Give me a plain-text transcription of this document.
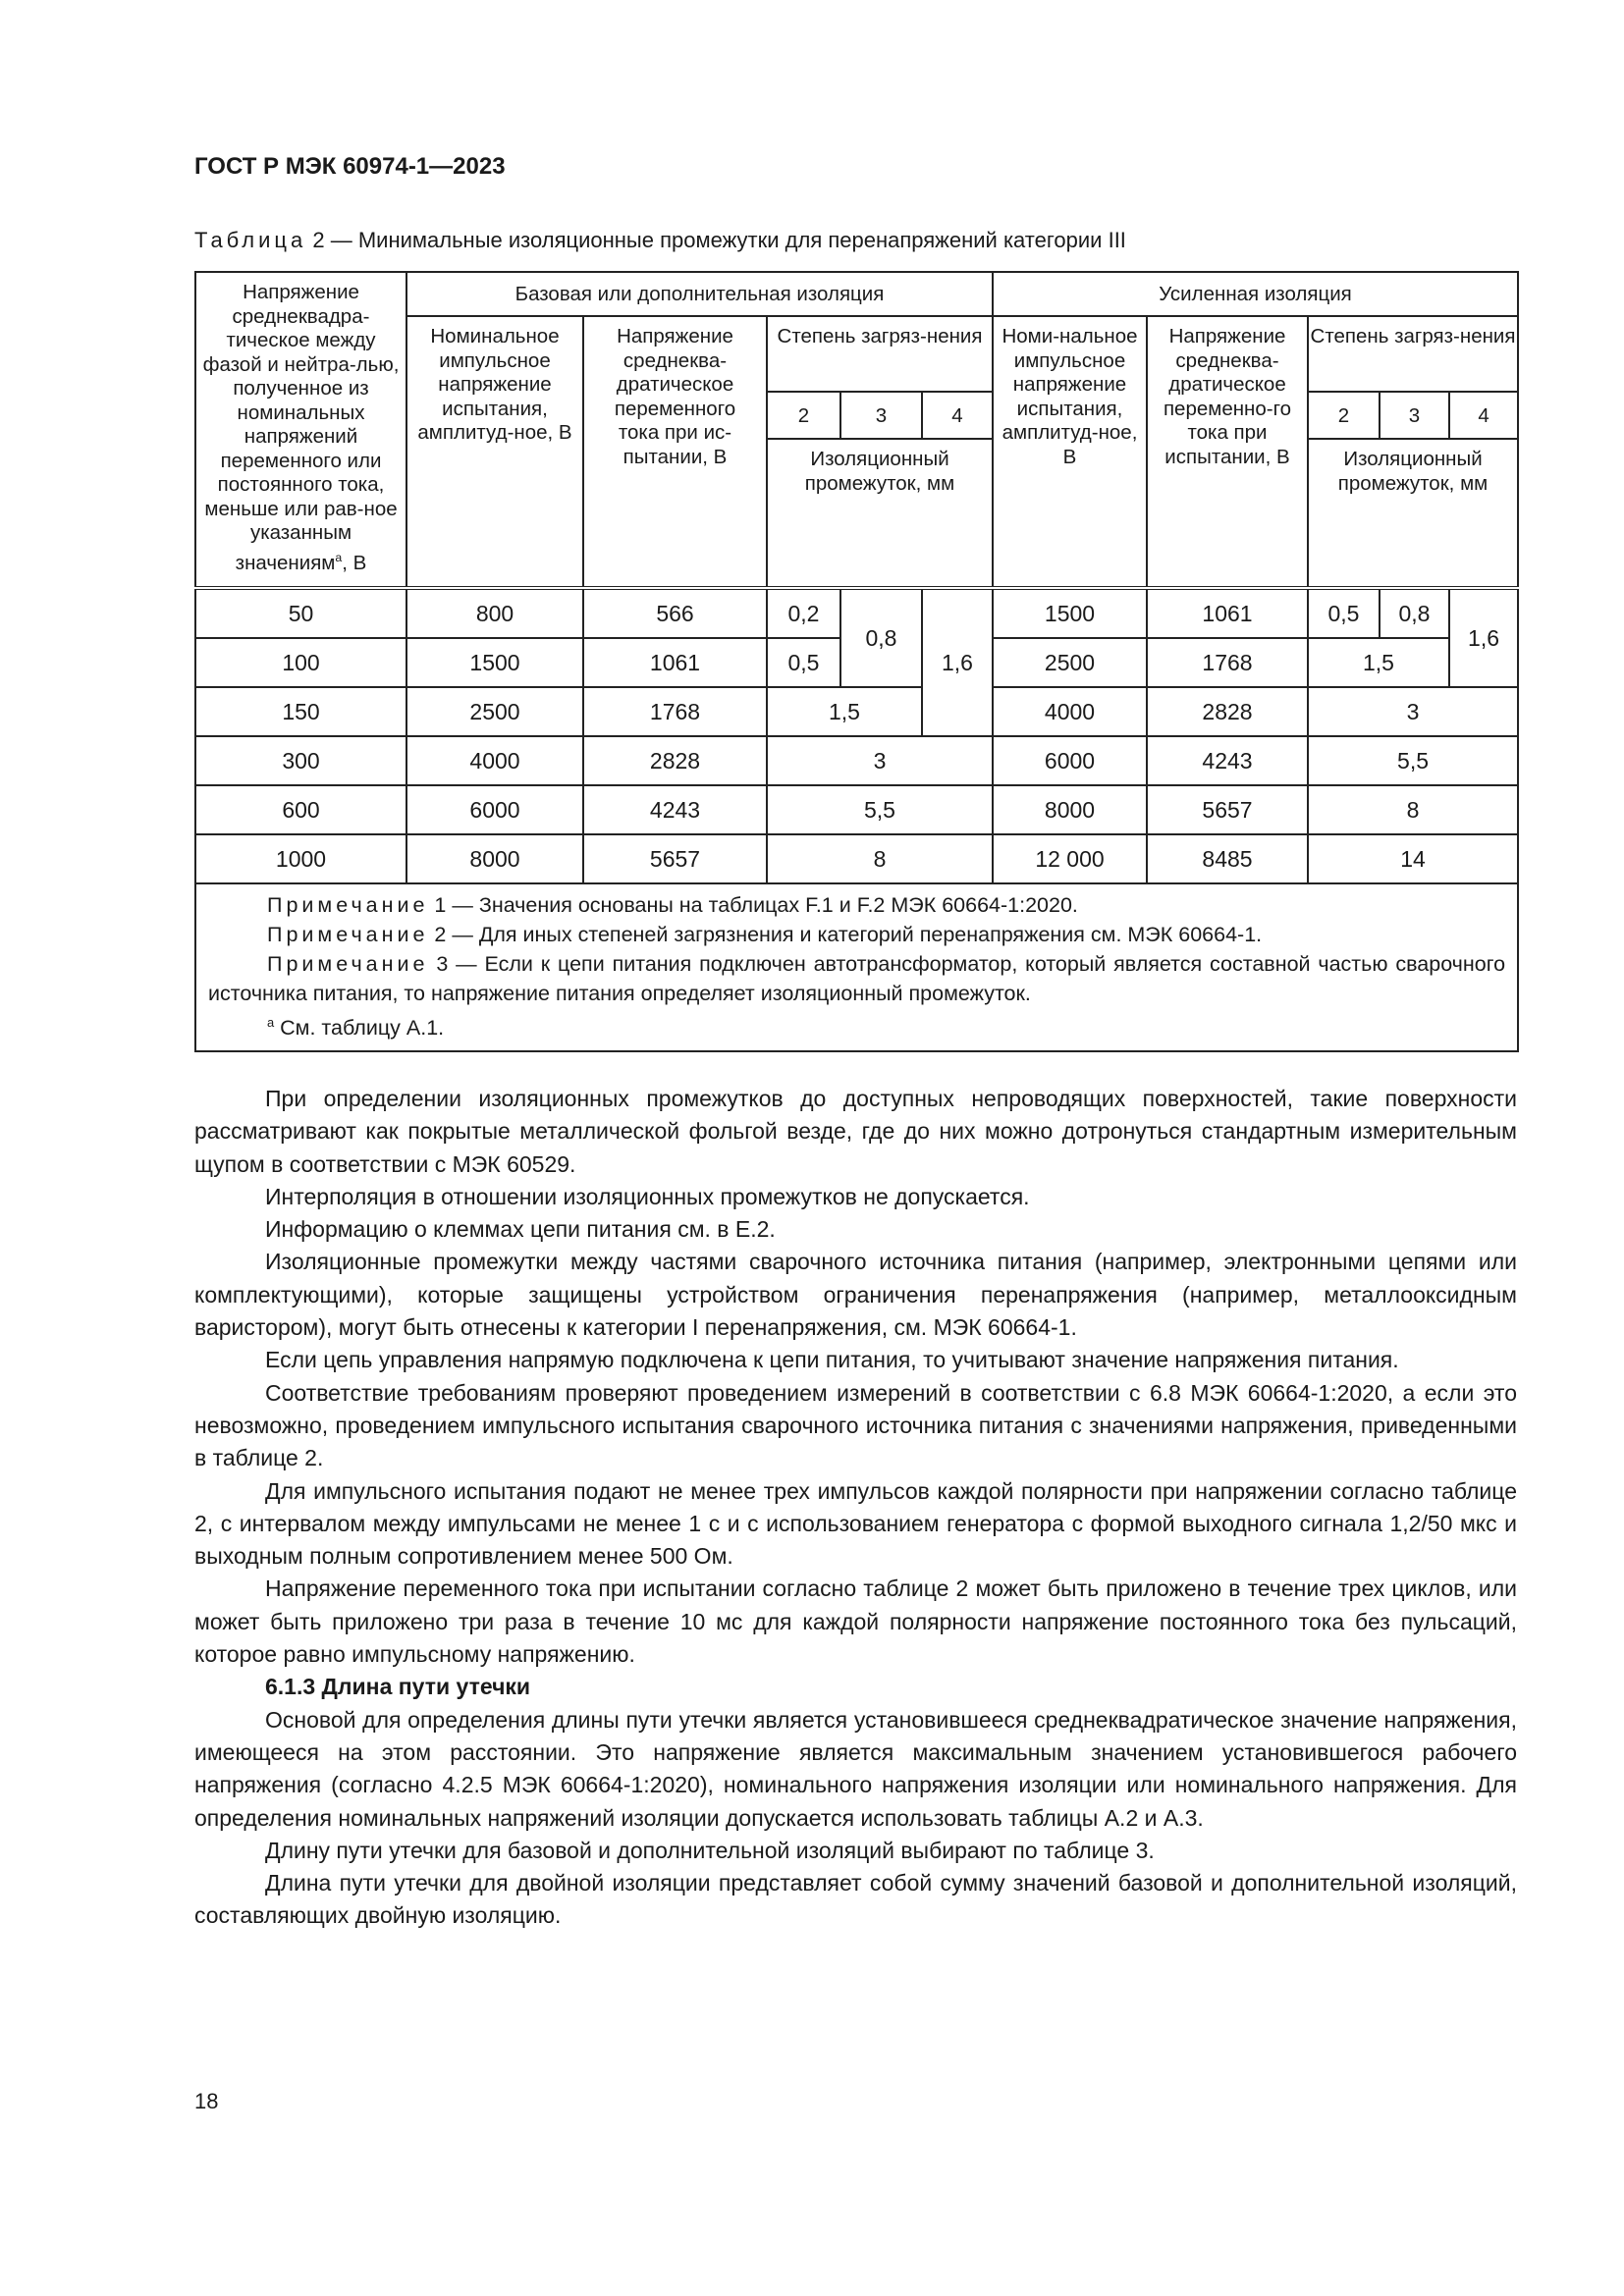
ГОСТ Р МЭК 60974-1—2023
Таблица 2 — Минимальные изоляционные промежутки для перенапряжений категории III
Напряжение среднеквадра-тическое между фазой и нейтра-лью, полученное из номинальных напряжений переменного или постоянного тока, меньше или рав-ное указанным значениям$^а$, В	Базовая или дополнительная изоляция					Усиленная изоляция				
	Номинальное импульсное напряжение испытания, амплитуд-ное, В	Напряжение среднеква-дратическое переменного тока при ис-пытании, В	Степень загряз-нения			Номи-нальное импульсное напряжение испытания, амплитуд-ное, В	Напряжение среднеква-дратическое переменно-го тока при испытании, В	Степень загряз-нения		
			2	3	4			2	3	4
			Изоляционный промежуток, мм					Изоляционный промежуток, мм		
50	800	566	0,2	0,8	1,6	1500	1061	0,5	0,8	1,6
100	1500	1061	0,5			2500	1768	1,5		
150	2500	1768	1,5			4000	2828	3		
300	4000	2828	3			6000	4243	5,5		
600	6000	4243	5,5			8000	5657	8		
1000	8000	5657	8			12 000	8485	14		

Примечание 1 — Значения основаны на таблицах F.1 и F.2 МЭК 60664-1:2020.
Примечание 2 — Для иных степеней загрязнения и категорий перенапряжения см. МЭК 60664-1.
Примечание 3 — Если к цепи питания подключен автотрансформатор, который является составной частью сварочного источника питания, то напряжение питания определяет изоляционный промежуток.
$^а$ См. таблицу А.1.										

При определении изоляционных промежутков до доступных непроводящих поверхностей, такие поверхности рассматривают как покрытые металлической фольгой везде, где до них можно дотронуться стандартным измерительным щупом в соответствии с МЭК 60529.

Интерполяция в отношении изоляционных промежутков не допускается.

Информацию о клеммах цепи питания см. в Е.2.

Изоляционные промежутки между частями сварочного источника питания (например, электронными цепями или комплектующими), которые защищены устройством ограничения перенапряжения (например, металлооксидным варистором), могут быть отнесены к категории I перенапряжения, см. МЭК 60664-1.

Если цепь управления напрямую подключена к цепи питания, то учитывают значение напряжения питания.

Соответствие требованиям проверяют проведением измерений в соответствии с 6.8 МЭК 60664-1:2020, а если это невозможно, проведением импульсного испытания сварочного источника питания с значениями напряжения, приведенными в таблице 2.

Для импульсного испытания подают не менее трех импульсов каждой полярности при напряжении согласно таблице 2, с интервалом между импульсами не менее 1 с и с использованием генератора с формой выходного сигнала 1,2/50 мкс и выходным полным сопротивлением менее 500 Ом.

Напряжение переменного тока при испытании согласно таблице 2 может быть приложено в течение трех циклов, или может быть приложено три раза в течение 10 мс для каждой полярности напряжение постоянного тока без пульсаций, которое равно импульсному напряжению.

6.1.3 Длина пути утечки

Основой для определения длины пути утечки является установившееся среднеквадратическое значение напряжения, имеющееся на этом расстоянии. Это напряжение является максимальным значением установившегося рабочего напряжения (согласно 4.2.5 МЭК 60664-1:2020), номинального напряжения изоляции или номинального напряжения. Для определения номинальных напряжений изоляции допускается использовать таблицы А.2 и А.3.

Длину пути утечки для базовой и дополнительной изоляций выбирают по таблице 3.

Длина пути утечки для двойной изоляции представляет собой сумму значений базовой и дополнительной изоляций, составляющих двойную изоляцию.

18
